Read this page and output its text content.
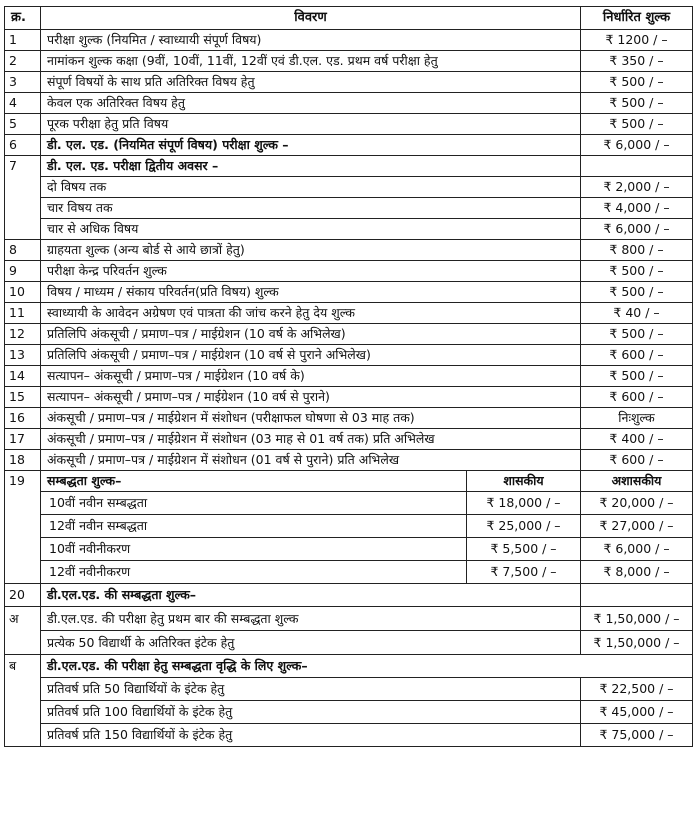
क्र.	विवरण		निर्धारित शुल्क
1	परीक्षा शुल्क (नियमित / स्वाध्यायी संपूर्ण विषय)		₹ 1200 / –
2	नामांकन शुल्क कक्षा (9वीं, 10वीं, 11वीं, 12वीं एवं डी.एल. एड. प्रथम वर्ष परीक्षा हेतु		₹ 350 / –
3	संपूर्ण विषयों के साथ प्रति अतिरिक्त विषय हेतु		₹ 500 / –
4	केवल एक अतिरिक्त विषय हेतु		₹ 500 / –
5	पूरक परीक्षा हेतु प्रति विषय		₹ 500 / –
6	डी. एल. एड. (नियमित संपूर्ण विषय) परीक्षा शुल्क –		₹ 6,000 / –
7	डी. एल. एड. परीक्षा द्वितीय अवसर –		
	दो विषय तक		₹ 2,000 / –
	चार विषय तक		₹ 4,000 / –
	चार से अधिक विषय		₹ 6,000 / –
8	ग्राहयता शुल्क (अन्य बोर्ड से आये छात्रों हेतु)		₹ 800 / –
9	परीक्षा केन्द्र परिवर्तन शुल्क		₹ 500 / –
10	विषय / माध्यम / संकाय परिवर्तन(प्रति विषय) शुल्क		₹ 500 / –
11	स्वाध्यायी के आवेदन अग्रेषण एवं पात्रता की जांच करने हेतु देय शुल्क		₹ 40 / –
12	प्रतिलिपि अंकसूची / प्रमाण–पत्र / माईग्रेशन (10 वर्ष के अभिलेख)		₹ 500 / –
13	प्रतिलिपि अंकसूची / प्रमाण–पत्र / माईग्रेशन (10 वर्ष से पुराने अभिलेख)		₹ 600 / –
14	सत्यापन– अंकसूची / प्रमाण–पत्र / माईग्रेशन (10 वर्ष के)		₹ 500 / –
15	सत्यापन– अंकसूची / प्रमाण–पत्र / माईग्रेशन (10 वर्ष से पुराने)		₹ 600 / –
16	अंकसूची / प्रमाण–पत्र / माईग्रेशन में संशोधन (परीक्षाफल घोषणा से 03 माह तक)		निःशुल्क
17	अंकसूची / प्रमाण–पत्र / माईग्रेशन में संशोधन (03 माह से 01 वर्ष तक) प्रति अभिलेख		₹ 400 / –
18	अंकसूची / प्रमाण–पत्र / माईग्रेशन में संशोधन (01 वर्ष से पुराने) प्रति अभिलेख		₹ 600 / –
19	सम्बद्धता शुल्क–	शासकीय	अशासकीय
	10वीं नवीन सम्बद्धता	₹ 18,000 / –	₹ 20,000 / –
	12वीं नवीन सम्बद्धता	₹ 25,000 / –	₹ 27,000 / –
	10वीं नवीनीकरण	₹ 5,500 / –	₹ 6,000 / –
	12वीं नवीनीकरण	₹ 7,500 / –	₹ 8,000 / –
20	डी.एल.एड. की सम्बद्धता शुल्क–		
अ	डी.एल.एड. की परीक्षा हेतु प्रथम बार की सम्बद्धता शुल्क		₹ 1,50,000 / –
	प्रत्येक 50 विद्यार्थी के अतिरिक्त इंटेक हेतु		₹ 1,50,000 / –
ब	डी.एल.एड. की परीक्षा हेतु सम्बद्धता वृद्धि के लिए शुल्क–		
	प्रतिवर्ष प्रति 50 विद्यार्थियों के इंटेक हेतु		₹ 22,500 / –
	प्रतिवर्ष प्रति 100 विद्यार्थियों के इंटेक हेतु		₹ 45,000 / –
	प्रतिवर्ष प्रति 150 विद्यार्थियों के इंटेक हेतु		₹ 75,000 / –
